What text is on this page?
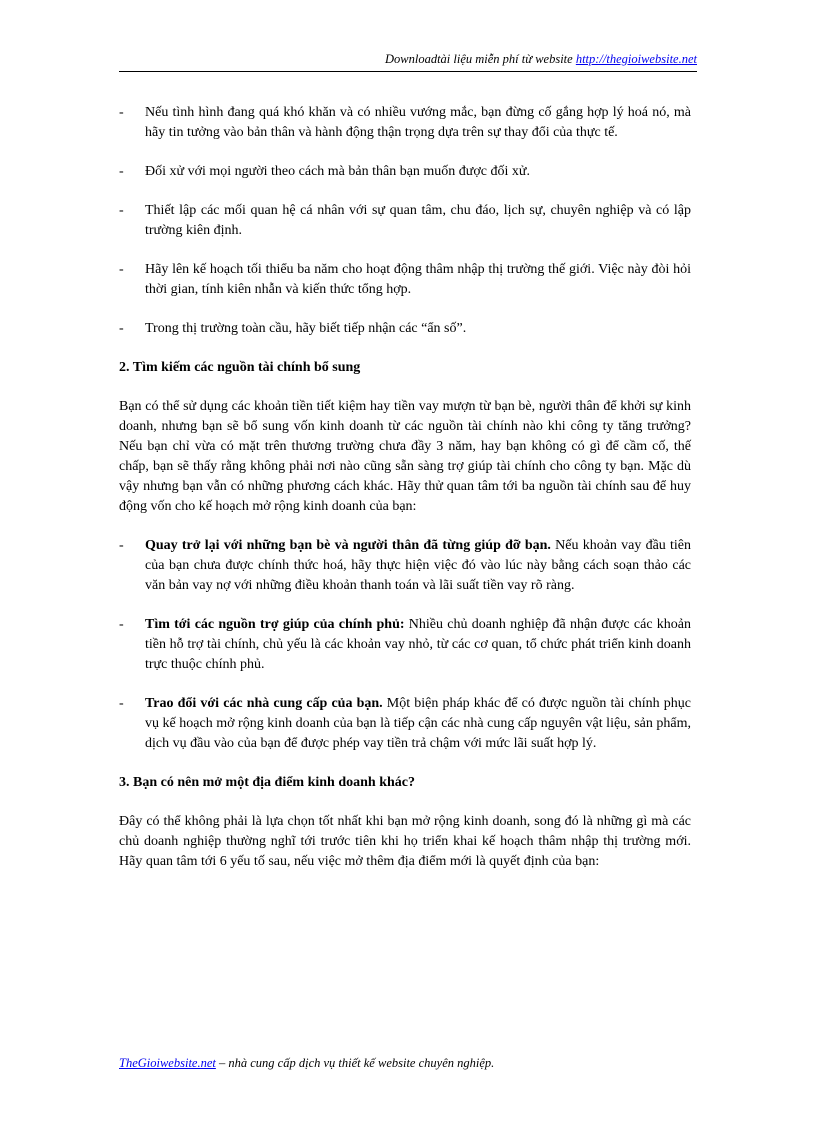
Downloadtài liệu miễn phí từ website http://thegioiwebsite.net
- Nếu tình hình đang quá khó khăn và có nhiều vướng mắc, bạn đừng cố gắng hợp lý hoá nó, mà hãy tin tưởng vào bản thân và hành động thận trọng dựa trên sự thay đổi của thực tế.
- Đối xử với mọi người theo cách mà bản thân bạn muốn được đối xử.
- Thiết lập các mối quan hệ cá nhân với sự quan tâm, chu đáo, lịch sự, chuyên nghiệp và có lập trường kiên định.
- Hãy lên kế hoạch tối thiểu ba năm cho hoạt động thâm nhập thị trường thế giới. Việc này đòi hỏi thời gian, tính kiên nhẫn và kiến thức tổng hợp.
- Trong thị trường toàn cầu, hãy biết tiếp nhận các “ẩn số”.
2. Tìm kiếm các nguồn tài chính bổ sung
Bạn có thể sử dụng các khoản tiền tiết kiệm hay tiền vay mượn từ bạn bè, người thân để khởi sự kinh doanh, nhưng bạn sẽ bổ sung vốn kinh doanh từ các nguồn tài chính nào khi công ty tăng trưởng? Nếu bạn chỉ vừa có mặt trên thương trường chưa đầy 3 năm, hay bạn không có gì để cầm cố, thế chấp, bạn sẽ thấy rằng không phải nơi nào cũng sẵn sàng trợ giúp tài chính cho công ty bạn. Mặc dù vậy nhưng bạn vẫn có những phương cách khác. Hãy thử quan tâm tới ba nguồn tài chính sau để huy động vốn cho kế hoạch mở rộng kinh doanh của bạn:
- Quay trở lại với những bạn bè và người thân đã từng giúp đỡ bạn. Nếu khoản vay đầu tiên của bạn chưa được chính thức hoá, hãy thực hiện việc đó vào lúc này bằng cách soạn thảo các văn bản vay nợ với những điều khoản thanh toán và lãi suất tiền vay rõ ràng.
- Tìm tới các nguồn trợ giúp của chính phủ: Nhiều chủ doanh nghiệp đã nhận được các khoản tiền hỗ trợ tài chính, chủ yếu là các khoản vay nhỏ, từ các cơ quan, tổ chức phát triển kinh doanh trực thuộc chính phủ.
- Trao đổi với các nhà cung cấp của bạn. Một biện pháp khác để có được nguồn tài chính phục vụ kế hoạch mở rộng kinh doanh của bạn là tiếp cận các nhà cung cấp nguyên vật liệu, sản phẩm, dịch vụ đầu vào của bạn để được phép vay tiền trả chậm với mức lãi suất hợp lý.
3. Bạn có nên mở một địa điểm kinh doanh khác?
Đây có thể không phải là lựa chọn tốt nhất khi bạn mở rộng kinh doanh, song đó là những gì mà các chủ doanh nghiệp thường nghĩ tới trước tiên khi họ triển khai kế hoạch thâm nhập thị trường mới. Hãy quan tâm tới 6 yếu tố sau, nếu việc mở thêm địa điểm mới là quyết định của bạn:
TheGioiwebsite.net – nhà cung cấp dịch vụ thiết kế website chuyên nghiệp.
